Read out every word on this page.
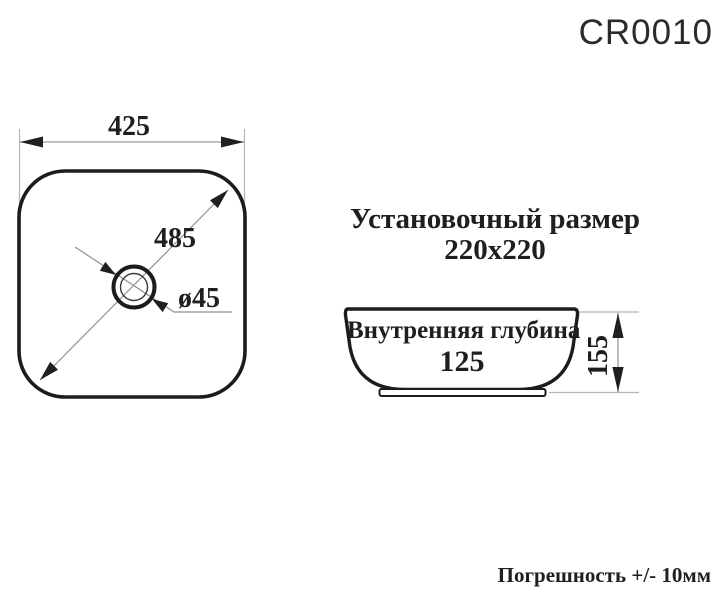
CR0010
425
485
ø45
Установочный размер
220x220
Внутренняя глубина
125	155
Погрешность +/- 10мм
